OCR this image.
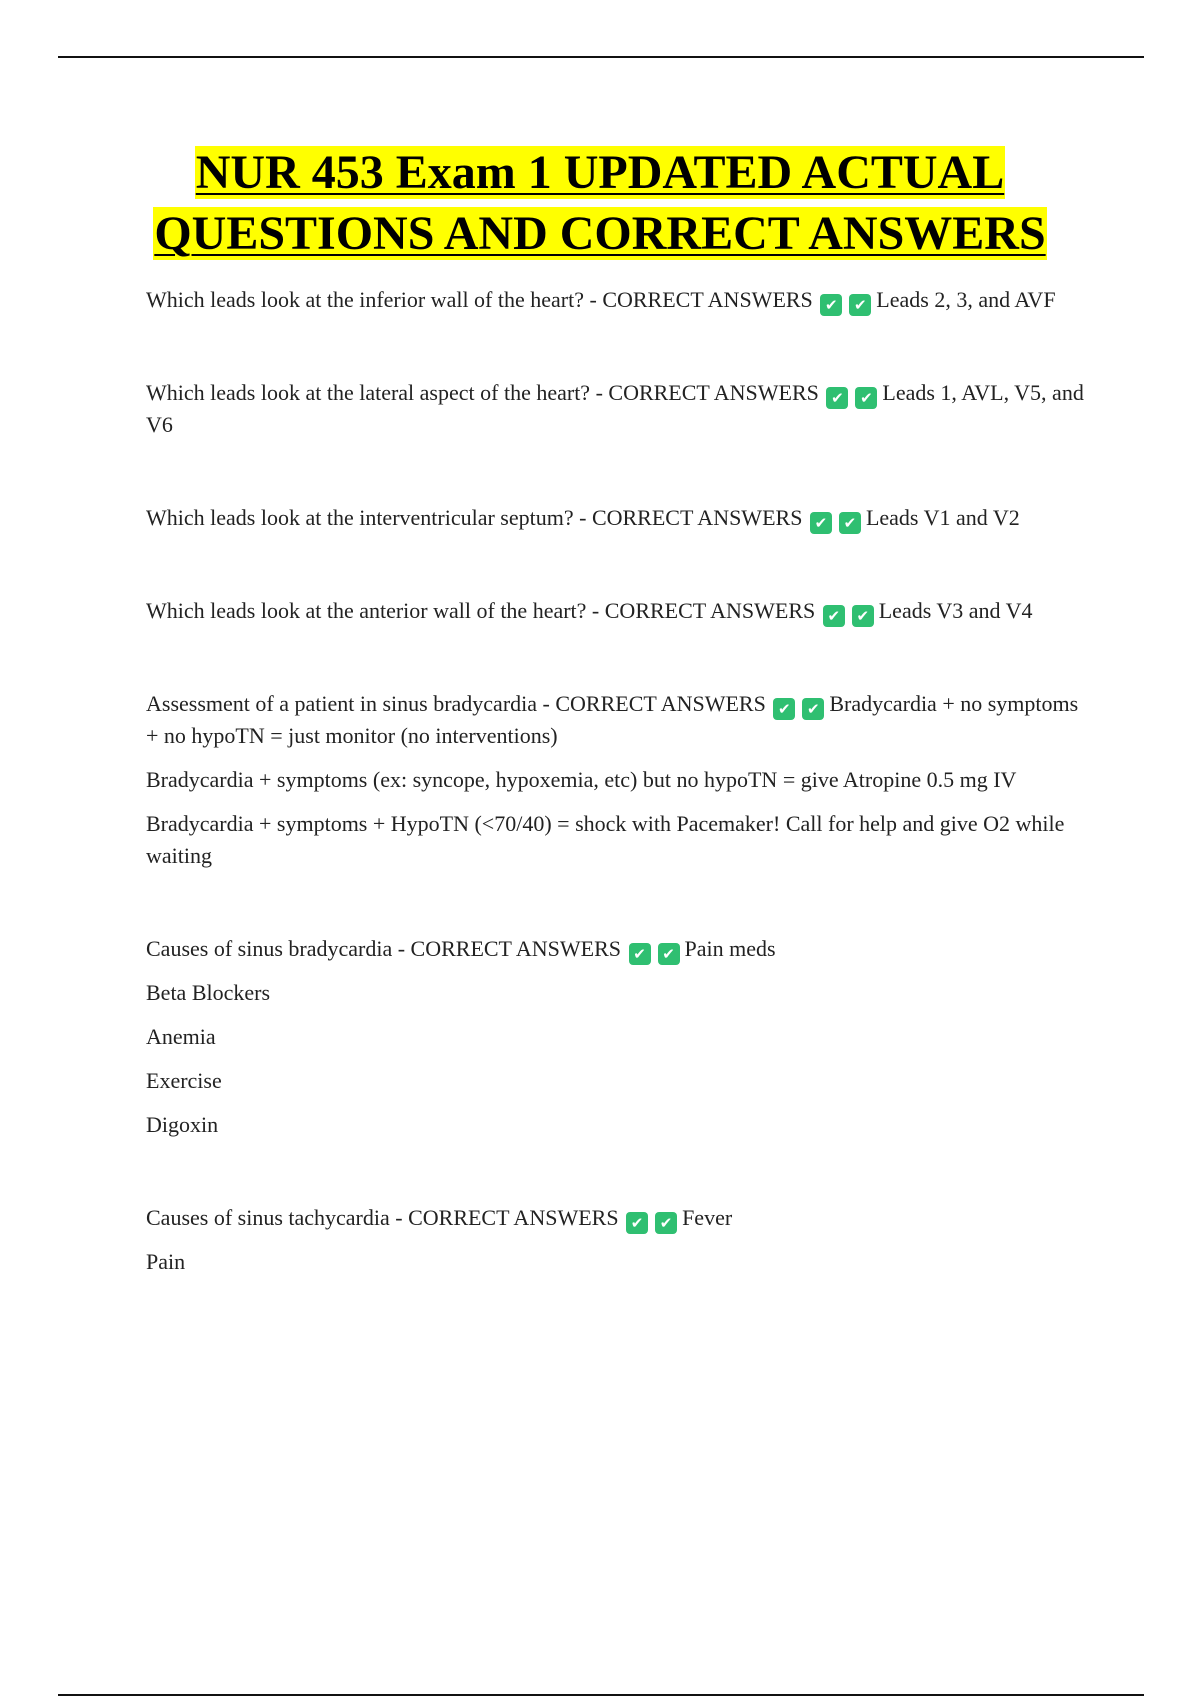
NUR 453 Exam 1 UPDATED ACTUAL
QUESTIONS AND CORRECT ANSWERS

Which leads look at the inferior wall of the heart? - CORRECT ANSWERS ✔ ✔ Leads 2, 3, and AVF

Which leads look at the lateral aspect of the heart? - CORRECT ANSWERS ✔ ✔ Leads 1, AVL, V5, and V6

Which leads look at the interventricular septum? - CORRECT ANSWERS ✔ ✔ Leads V1 and V2

Which leads look at the anterior wall of the heart? - CORRECT ANSWERS ✔ ✔ Leads V3 and V4

Assessment of a patient in sinus bradycardia - CORRECT ANSWERS ✔ ✔ Bradycardia + no symptoms + no hypoTN = just monitor (no interventions)

Bradycardia + symptoms (ex: syncope, hypoxemia, etc) but no hypoTN = give Atropine 0.5 mg IV

Bradycardia + symptoms + HypoTN (<70/40) = shock with Pacemaker! Call for help and give O2 while waiting

Causes of sinus bradycardia - CORRECT ANSWERS ✔ ✔ Pain meds

Beta Blockers

Anemia

Exercise

Digoxin

Causes of sinus tachycardia - CORRECT ANSWERS ✔ ✔ Fever

Pain
